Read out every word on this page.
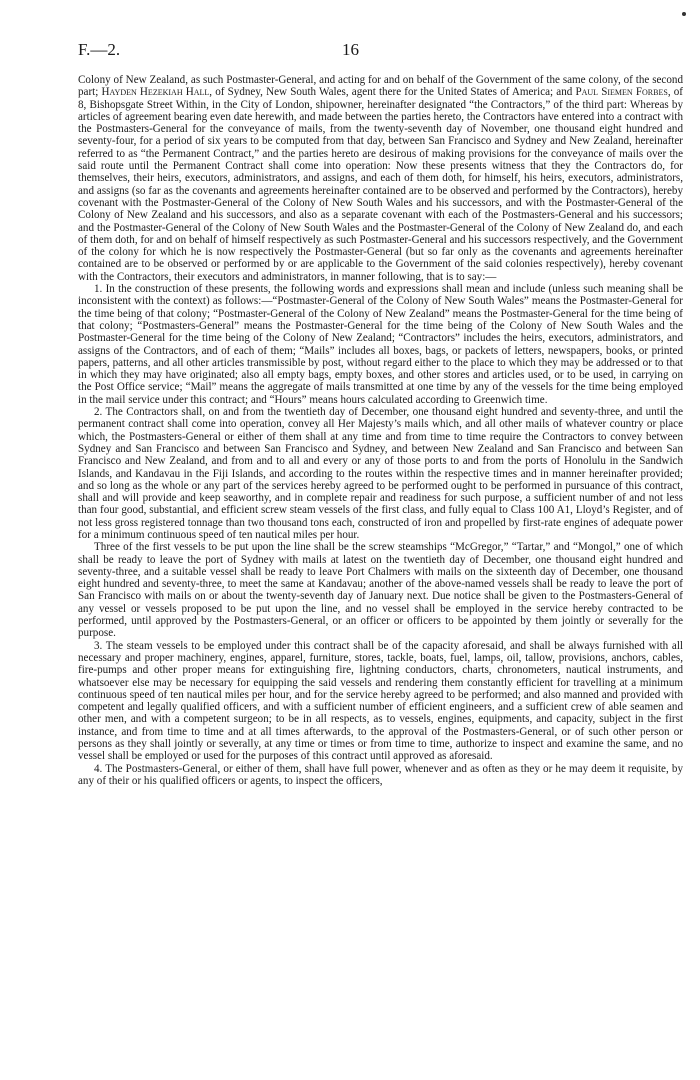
F.—2.	16

Colony of New Zealand, as such Postmaster-General, and acting for and on behalf of the Government of the same colony, of the second part; Hayden Hezekiah Hall, of Sydney, New South Wales, agent there for the United States of America; and Paul Siemen Forbes, of 8, Bishopsgate Street Within, in the City of London, shipowner, hereinafter designated “the Contractors,” of the third part: Whereas by articles of agreement bearing even date herewith, and made between the parties hereto, the Contractors have entered into a contract with the Postmasters-General for the conveyance of mails, from the twenty-seventh day of November, one thousand eight hundred and seventy-four, for a period of six years to be computed from that day, between San Francisco and Sydney and New Zealand, hereinafter referred to as “the Permanent Contract,” and the parties hereto are desirous of making provisions for the conveyance of mails over the said route until the Permanent Contract shall come into operation: Now these presents witness that they the Contractors do, for themselves, their heirs, executors, administrators, and assigns, and each of them doth, for himself, his heirs, executors, administrators, and assigns (so far as the covenants and agreements hereinafter contained are to be observed and performed by the Contractors), hereby covenant with the Postmaster-General of the Colony of New South Wales and his successors, and with the Postmaster-General of the Colony of New Zealand and his successors, and also as a separate covenant with each of the Postmasters-General and his successors; and the Postmaster-General of the Colony of New South Wales and the Postmaster-General of the Colony of New Zealand do, and each of them doth, for and on behalf of himself respectively as such Postmaster-General and his successors respectively, and the Government of the colony for which he is now respectively the Postmaster-General (but so far only as the covenants and agreements hereinafter contained are to be observed or performed by or are applicable to the Government of the said colonies respectively), hereby covenant with the Contractors, their executors and administrators, in manner following, that is to say:—

1. In the construction of these presents, the following words and expressions shall mean and include (unless such meaning shall be inconsistent with the context) as follows:—“Postmaster-General of the Colony of New South Wales” means the Postmaster-General for the time being of that colony; “Postmaster-General of the Colony of New Zealand” means the Postmaster-General for the time being of that colony; “Postmasters-General” means the Postmaster-General for the time being of the Colony of New South Wales and the Postmaster-General for the time being of the Colony of New Zealand; “Contractors” includes the heirs, executors, administrators, and assigns of the Contractors, and of each of them; “Mails” includes all boxes, bags, or packets of letters, newspapers, books, or printed papers, patterns, and all other articles transmissible by post, without regard either to the place to which they may be addressed or to that in which they may have originated; also all empty bags, empty boxes, and other stores and articles used, or to be used, in carrying on the Post Office service; “Mail” means the aggregate of mails transmitted at one time by any of the vessels for the time being employed in the mail service under this contract; and “Hours” means hours calculated according to Greenwich time.

2. The Contractors shall, on and from the twentieth day of December, one thousand eight hundred and seventy-three, and until the permanent contract shall come into operation, convey all Her Majesty’s mails which, and all other mails of whatever country or place which, the Postmasters-General or either of them shall at any time and from time to time require the Contractors to convey between Sydney and San Francisco and between San Francisco and Sydney, and between New Zealand and San Francisco and between San Francisco and New Zealand, and from and to all and every or any of those ports to and from the ports of Honolulu in the Sandwich Islands, and Kandavau in the Fiji Islands, and according to the routes within the respective times and in manner hereinafter provided; and so long as the whole or any part of the services hereby agreed to be performed ought to be performed in pursuance of this contract, shall and will provide and keep seaworthy, and in complete repair and readiness for such purpose, a sufficient number of and not less than four good, substantial, and efficient screw steam vessels of the first class, and fully equal to Class 100 A1, Lloyd’s Register, and of not less gross registered tonnage than two thousand tons each, constructed of iron and propelled by first-rate engines of adequate power for a minimum continuous speed of ten nautical miles per hour.

Three of the first vessels to be put upon the line shall be the screw steamships “McGregor,” “Tartar,” and “Mongol,” one of which shall be ready to leave the port of Sydney with mails at latest on the twentieth day of December, one thousand eight hundred and seventy-three, and a suitable vessel shall be ready to leave Port Chalmers with mails on the sixteenth day of December, one thousand eight hundred and seventy-three, to meet the same at Kandavau; another of the above-named vessels shall be ready to leave the port of San Francisco with mails on or about the twenty-seventh day of January next. Due notice shall be given to the Postmasters-General of any vessel or vessels proposed to be put upon the line, and no vessel shall be employed in the service hereby contracted to be performed, until approved by the Postmasters-General, or an officer or officers to be appointed by them jointly or severally for the purpose.

3. The steam vessels to be employed under this contract shall be of the capacity aforesaid, and shall be always furnished with all necessary and proper machinery, engines, apparel, furniture, stores, tackle, boats, fuel, lamps, oil, tallow, provisions, anchors, cables, fire-pumps and other proper means for extinguishing fire, lightning conductors, charts, chronometers, nautical instruments, and whatsoever else may be necessary for equipping the said vessels and rendering them constantly efficient for travelling at a minimum continuous speed of ten nautical miles per hour, and for the service hereby agreed to be performed; and also manned and provided with competent and legally qualified officers, and with a sufficient number of efficient engineers, and a sufficient crew of able seamen and other men, and with a competent surgeon; to be in all respects, as to vessels, engines, equipments, and capacity, subject in the first instance, and from time to time and at all times afterwards, to the approval of the Postmasters-General, or of such other person or persons as they shall jointly or severally, at any time or times or from time to time, authorize to inspect and examine the same, and no vessel shall be employed or used for the purposes of this contract until approved as aforesaid.

4. The Postmasters-General, or either of them, shall have full power, whenever and as often as they or he may deem it requisite, by any of their or his qualified officers or agents, to inspect the officers,
